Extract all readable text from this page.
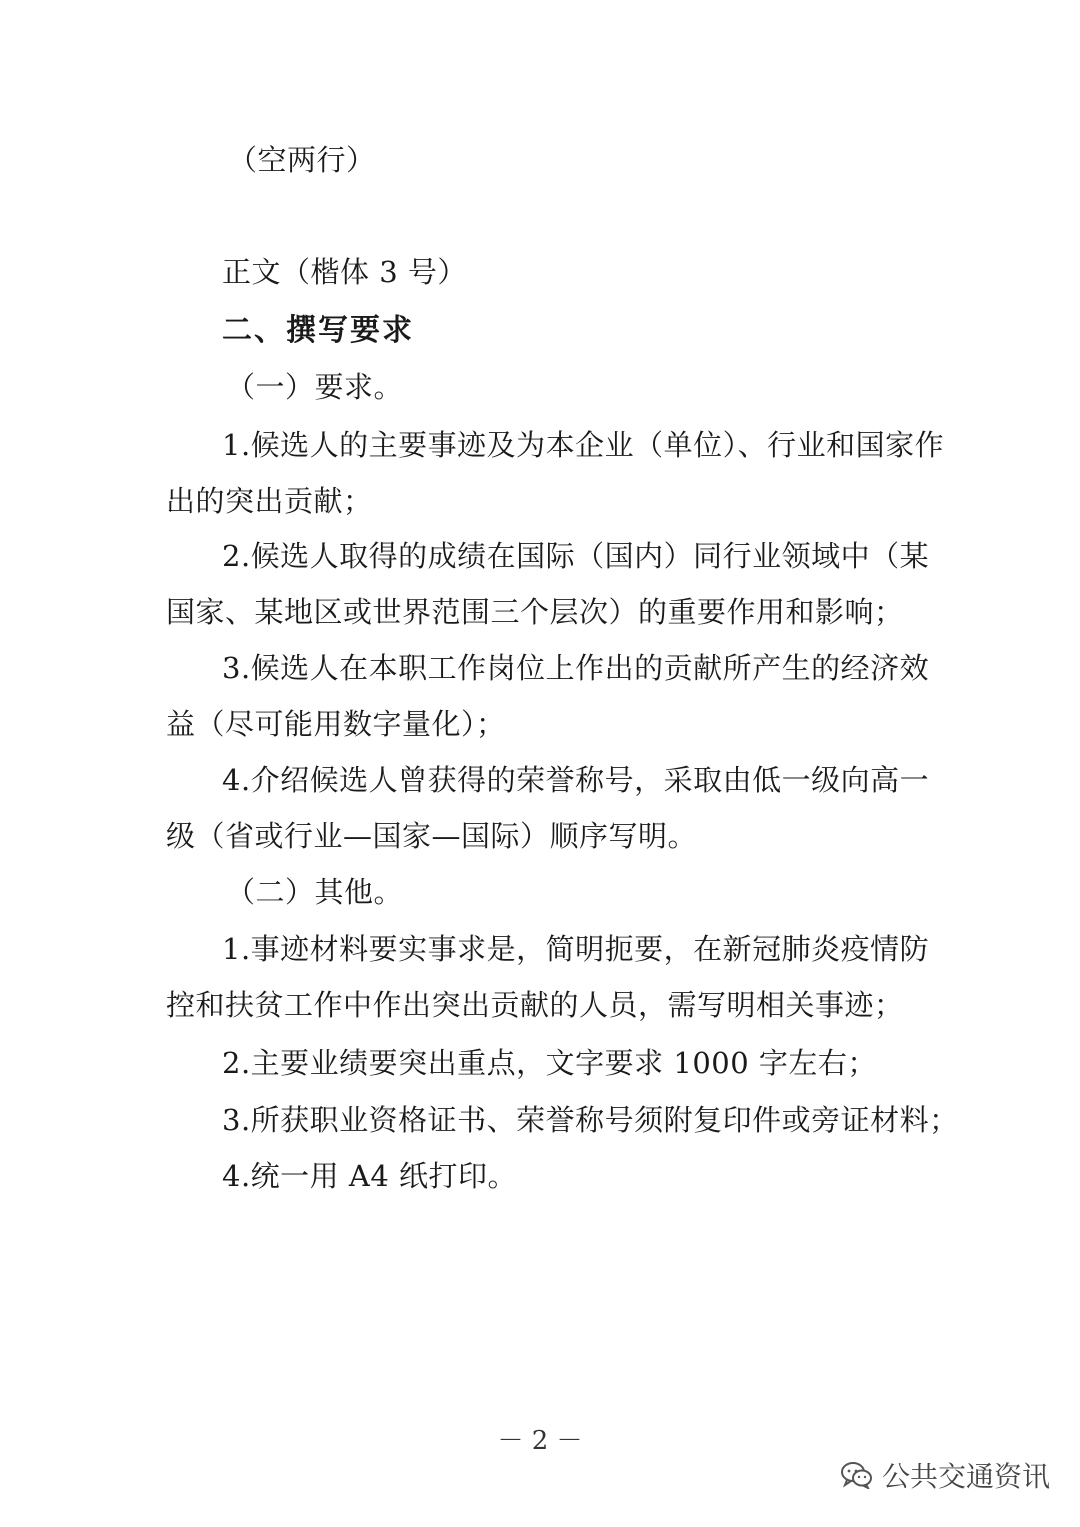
（空两行）
正文（楷体 3 号）
二、撰写要求
（一）要求。
1.候选人的主要事迹及为本企业（单位）、行业和国家作
出的突出贡献；
2.候选人取得的成绩在国际（国内）同行业领域中（某
国家、某地区或世界范围三个层次）的重要作用和影响；
3.候选人在本职工作岗位上作出的贡献所产生的经济效
益（尽可能用数字量化）；
4.介绍候选人曾获得的荣誉称号，采取由低一级向高一
级（省或行业—国家—国际）顺序写明。
（二）其他。
1.事迹材料要实事求是，简明扼要，在新冠肺炎疫情防
控和扶贫工作中作出突出贡献的人员，需写明相关事迹；
2.主要业绩要突出重点，文字要求 1000 字左右；
3.所获职业资格证书、荣誉称号须附复印件或旁证材料；
4.统一用 A4 纸打印。
－ 2 －
公共交通资讯
